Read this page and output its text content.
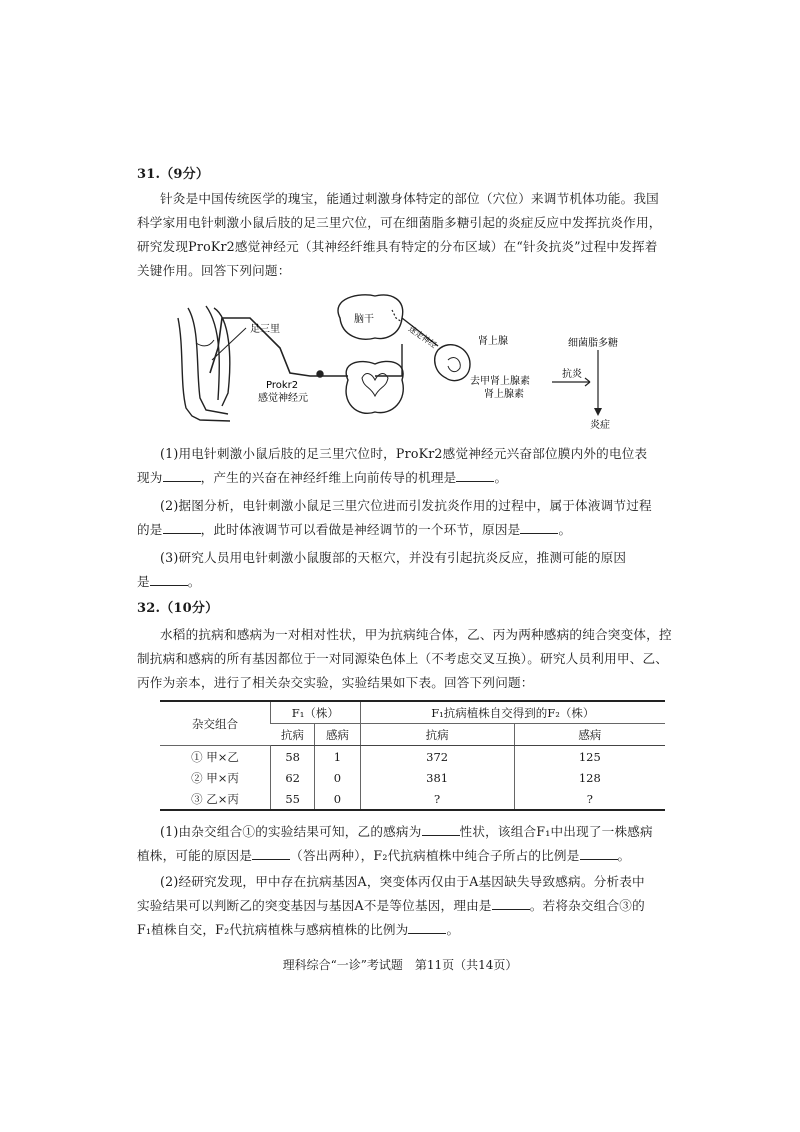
31.（9分）
针灸是中国传统医学的瑰宝，能通过刺激身体特定的部位（穴位）来调节机体功能。我国
科学家用电针刺激小鼠后肢的足三里穴位，可在细菌脂多糖引起的炎症反应中发挥抗炎作用，
研究发现ProKr2感觉神经元（其神经纤维具有特定的分布区域）在“针灸抗炎”过程中发挥着
关键作用。回答下列问题：
足三里
Prokr2
感觉神经元
脑干
迷走神经	肾上腺
去甲肾上腺素
肾上腺素
细菌脂多糖
抗炎
炎症
(1)用电针刺激小鼠后肢的足三里穴位时，ProKr2感觉神经元兴奋部位膜内外的电位表
现为	，产生的兴奋在神经纤维上向前传导的机理是	。
(2)据图分析，电针刺激小鼠足三里穴位进而引发抗炎作用的过程中，属于体液调节过程
的是	，此时体液调节可以看做是神经调节的一个环节，原因是	。
(3)研究人员用电针刺激小鼠腹部的天枢穴，并没有引起抗炎反应，推测可能的原因
是	。
32.（10分）
水稻的抗病和感病为一对相对性状，甲为抗病纯合体，乙、丙为两种感病的纯合突变体，控
制抗病和感病的所有基因都位于一对同源染色体上（不考虑交叉互换）。研究人员利用甲、乙、
丙作为亲本，进行了相关杂交实验，实验结果如下表。回答下列问题：
杂交组合	F₁（株）		F₁抗病植株自交得到的F₂（株）	
	抗病	感病	抗病	感病
① 甲×乙	58	1	372	125
② 甲×丙	62	0	381	128
③ 乙×丙	55	0	?	?
(1)由杂交组合①的实验结果可知，乙的感病为	性状，该组合F₁中出现了一株感病
植株，可能的原因是	（答出两种），F₂代抗病植株中纯合子所占的比例是	。
(2)经研究发现，甲中存在抗病基因A，突变体丙仅由于A基因缺失导致感病。分析表中
实验结果可以判断乙的突变基因与基因A不是等位基因，理由是	。若将杂交组合③的
F₁植株自交，F₂代抗病植株与感病植株的比例为	。
理科综合“一诊”考试题　第11页（共14页）
